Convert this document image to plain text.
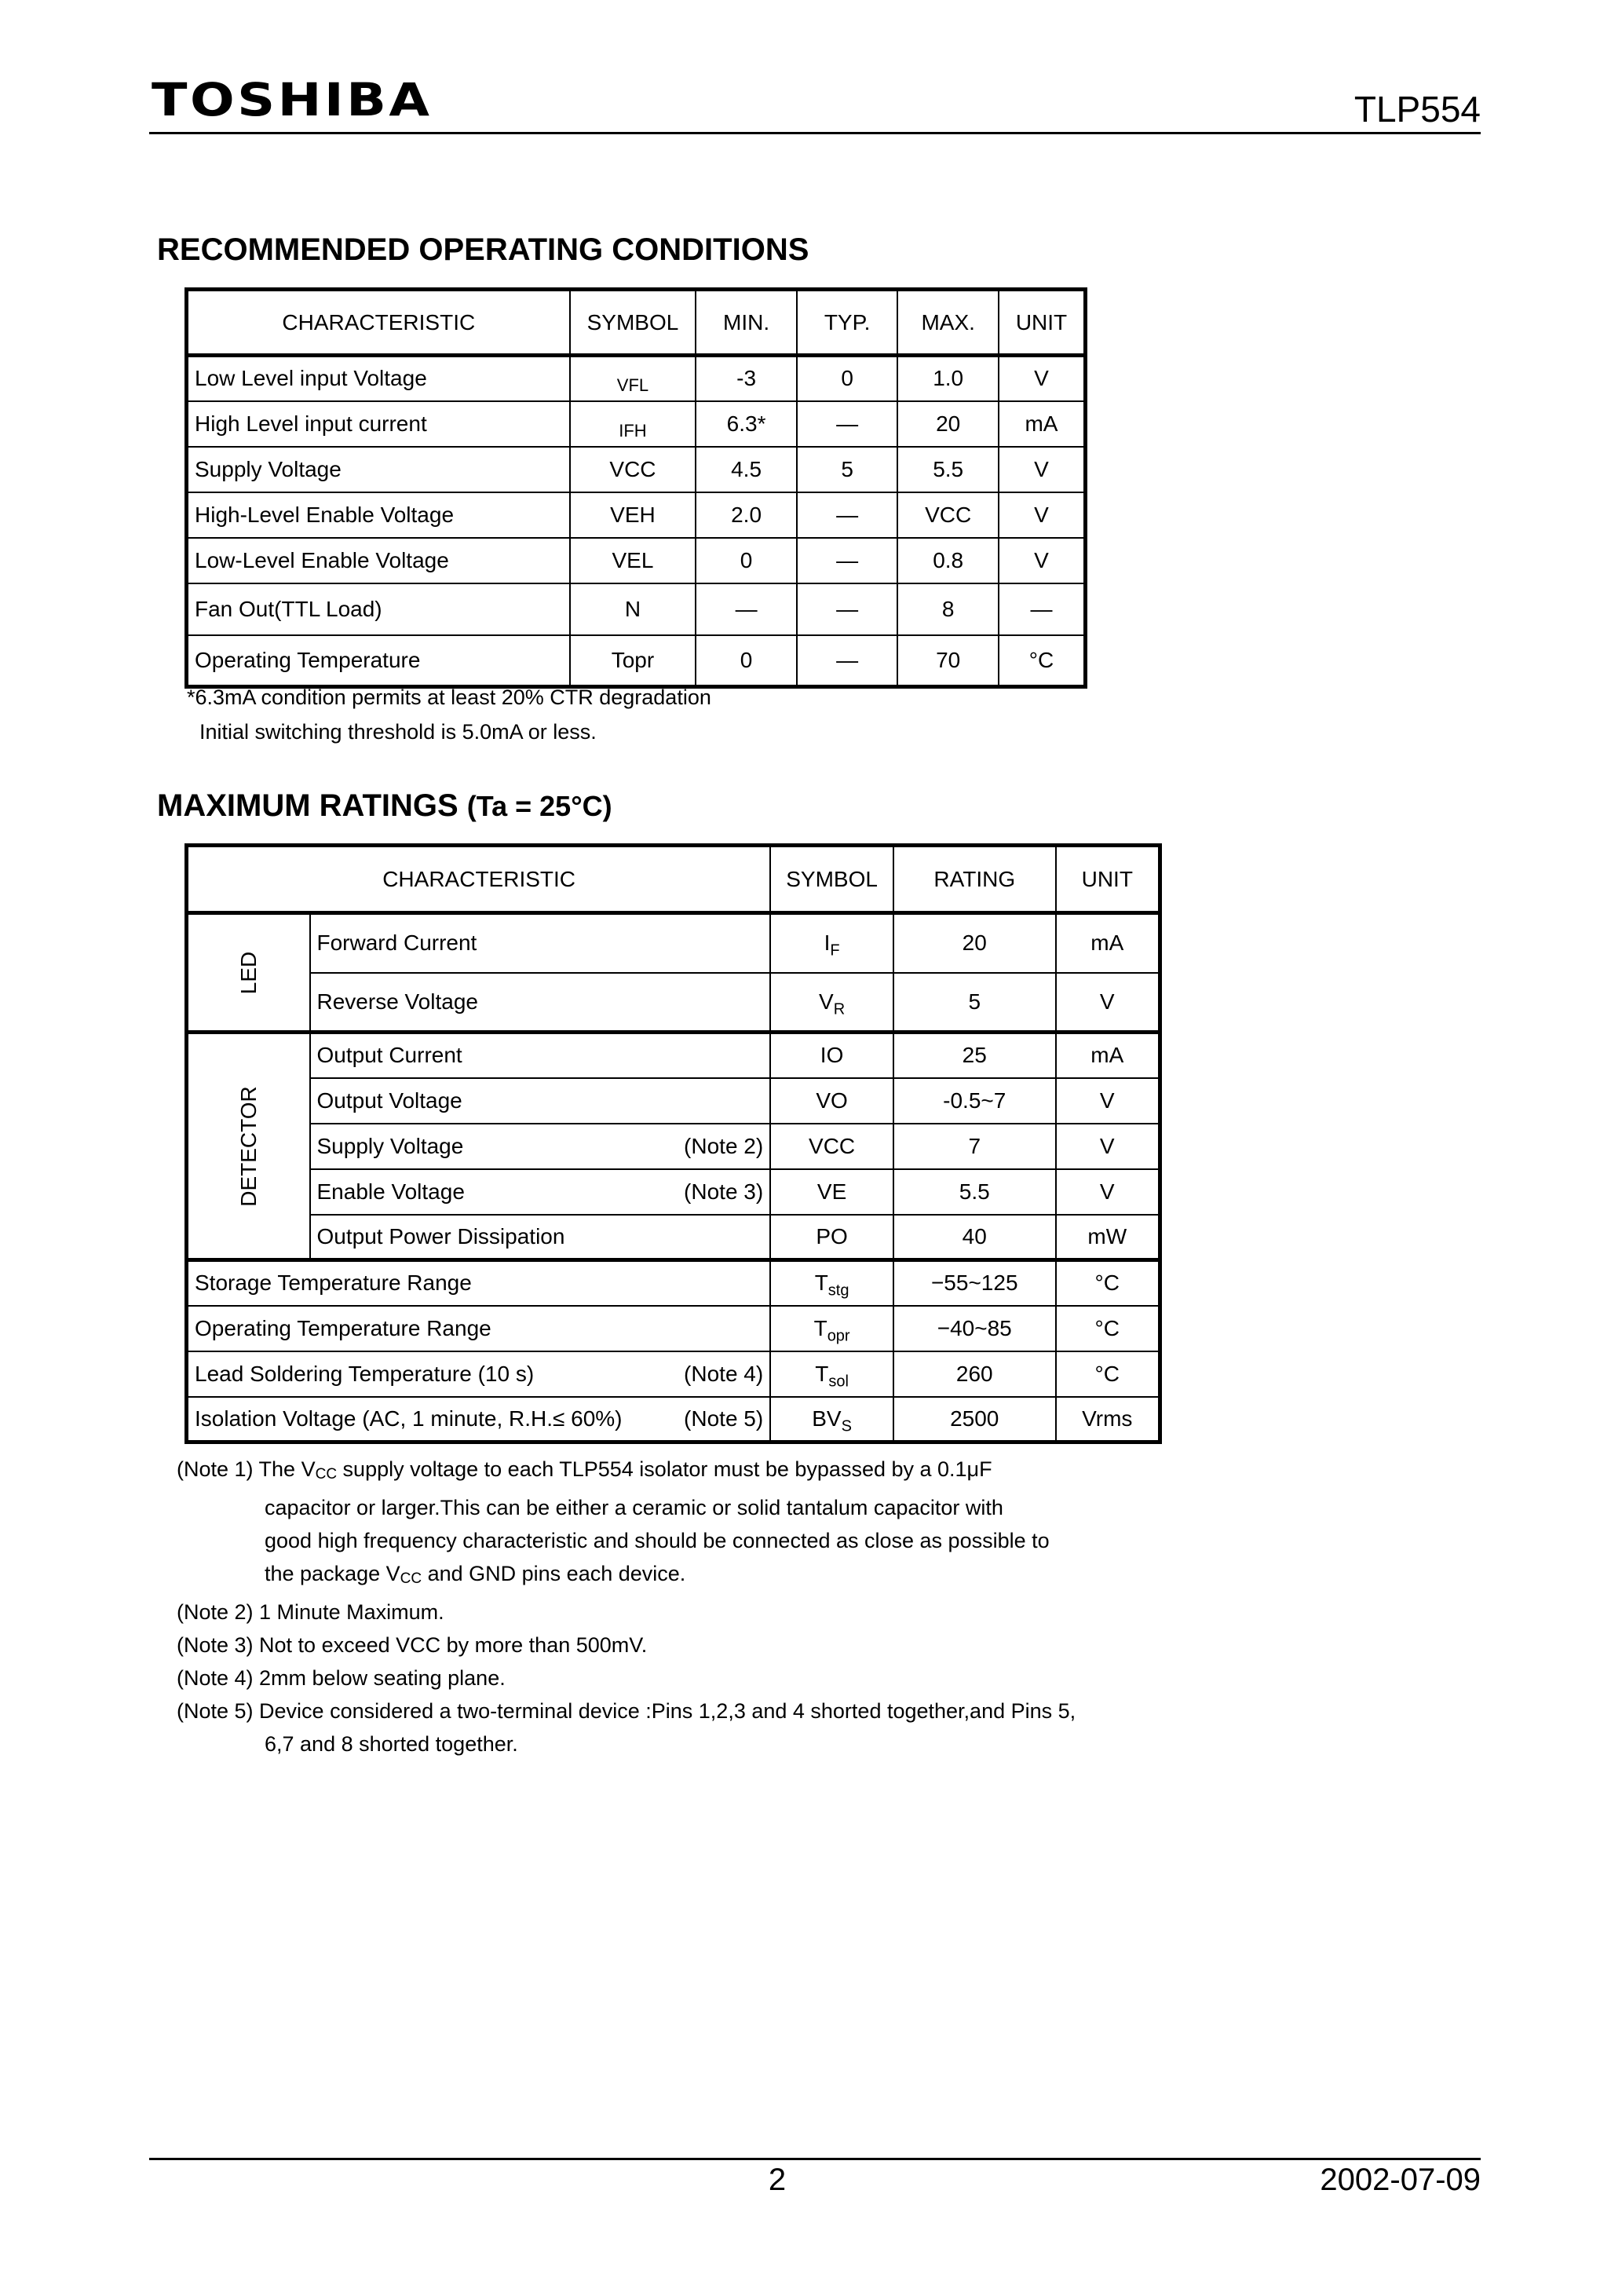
TOSHIBA	TLP554
RECOMMENDED OPERATING CONDITIONS
CHARACTERISTIC	SYMBOL	MIN.	TYP.	MAX.	UNIT
Low Level input Voltage	VFL	-3	0	1.0	V
High Level input current	IFH	6.3*	—	20	mA
Supply Voltage	VCC	4.5	5	5.5	V
High-Level Enable Voltage	VEH	2.0	—	VCC	V
Low-Level Enable Voltage	VEL	0	—	0.8	V
Fan Out(TTL Load)	N	—	—	8	—
Operating Temperature	Topr	0	—	70	°C
*6.3mA condition permits at least 20% CTR degradation
Initial switching threshold is 5.0mA or less.
MAXIMUM RATINGS (Ta = 25°C)
CHARACTERISTIC		SYMBOL	RATING	UNIT
LED	Forward Current	$I_F$	20	mA
	Reverse Voltage	$V_R$	5	V
DETECTOR	Output Current	IO	25	mA
	Output Voltage	VO	-0.5~7	V
	Supply Voltage (Note 2)	VCC	7	V
	Enable Voltage (Note 3)	VE	5.5	V
	Output Power Dissipation	PO	40	mW
Storage Temperature Range		$T_{stg}$	−55~125	°C
Operating Temperature Range		$T_{opr}$	−40~85	°C
Lead Soldering Temperature (10 s) (Note 4)		$T_{sol}$	260	°C
Isolation Voltage (AC, 1 minute, R.H.≤ 60%) (Note 5)		$BV_S$	2500	Vrms
(Note 1) The VCC supply voltage to each TLP554 isolator must be bypassed by a 0.1μF
capacitor or larger.This can be either a ceramic or solid tantalum capacitor with
good high frequency characteristic and should be connected as close as possible to
the package VCC and GND pins each device.
(Note 2) 1 Minute Maximum.
(Note 3) Not to exceed VCC by more than 500mV.
(Note 4) 2mm below seating plane.
(Note 5) Device considered a two-terminal device :Pins 1,2,3 and 4 shorted together,and Pins 5,
6,7 and 8 shorted together.
2	2002-07-09
